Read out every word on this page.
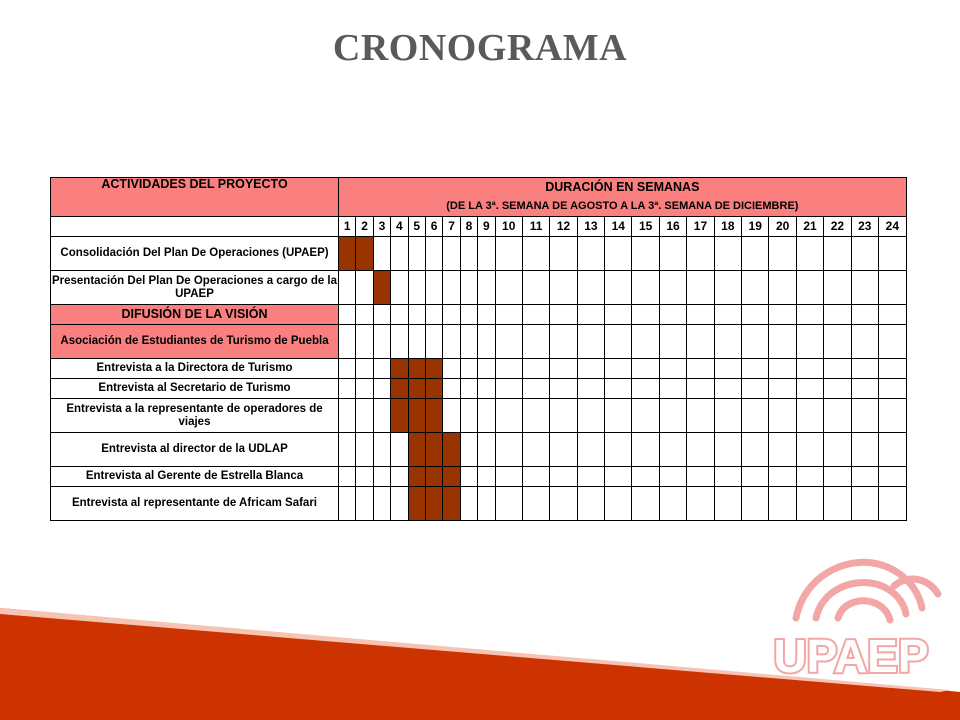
CRONOGRAMA
ACTIVIDADES DEL PROYECTO	DURACIÓN EN SEMANAS																							
	(DE LA 3ª. SEMANA DE AGOSTO A LA 3ª. SEMANA DE DICIEMBRE)																							
	1	2	3	4	5	6	7	8	9	10	11	12	13	14	15	16	17	18	19	20	21	22	23	24
Consolidación Del Plan De Operaciones (UPAEP)																								
Presentación Del Plan De Operaciones a cargo de la UPAEP																								
DIFUSIÓN DE LA VISIÓN																								
Asociación de Estudiantes de Turismo de Puebla																								
Entrevista a la Directora de Turismo																								
Entrevista al Secretario de Turismo																								
Entrevista a la representante de operadores de viajes																								
Entrevista al director de la UDLAP																								
Entrevista al Gerente de Estrella Blanca																								
Entrevista al representante de Africam Safari																								
UPAEP
